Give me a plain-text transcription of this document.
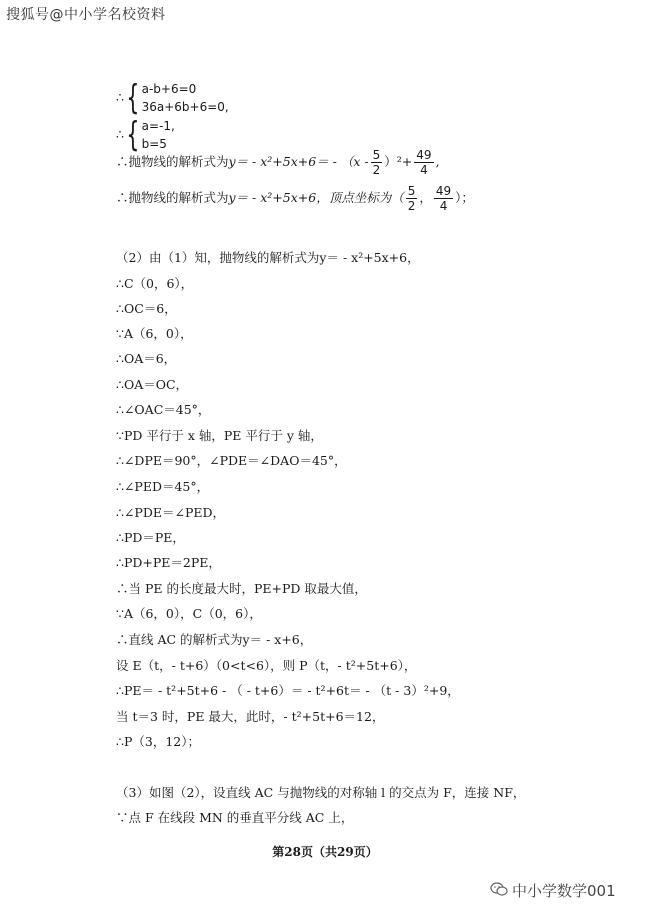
搜狐号@中小学名校资料
∴{ a-b+6=0
36a+6b+6=0,
∴{ a=-1,
b=5
∴抛物线的解析式为$y= - x^2+5x+6= - (x - \frac{5}{2} )^2+ \frac{49}{4}$ ,
∴抛物线的解析式为y＝ - x²+5x+6，顶点坐标为（ $\frac{5}{2}$ ， $\frac{49}{4}$ ）；
（2）由（1）知，抛物线的解析式为y＝ - x²+5x+6，
∴C（0，6），
∴OC＝6，
∵A（6，0），
∴OA＝6，
∴OA＝OC，
∴∠OAC＝45°，
∵PD 平行于 x 轴，PE 平行于 y 轴，
∴∠DPE＝90°，∠PDE＝∠DAO＝45°，
∴∠PED＝45°，
∴∠PDE＝∠PED，
∴PD＝PE，
∴PD+PE＝2PE，
∴当 PE 的长度最大时，PE+PD 取最大值，
∵A（6，0），C（0，6），
∴直线 AC 的解析式为y＝ - x+6，
设 E（t，- t+6）（0<t<6），则 P（t，- t²+5t+6），
∴PE＝ - t²+5t+6 - （ - t+6）＝ - t²+6t＝ - （t - 3）²+9，
当 t＝3 时，PE 最大，此时，- t²+5t+6＝12，
∴P（3，12）；
（3）如图（2），设直线 AC 与抛物线的对称轴 l 的交点为 F，连接 NF，
∵点 F 在线段 MN 的垂直平分线 AC 上，
第28页（共29页）
中小学数学001
